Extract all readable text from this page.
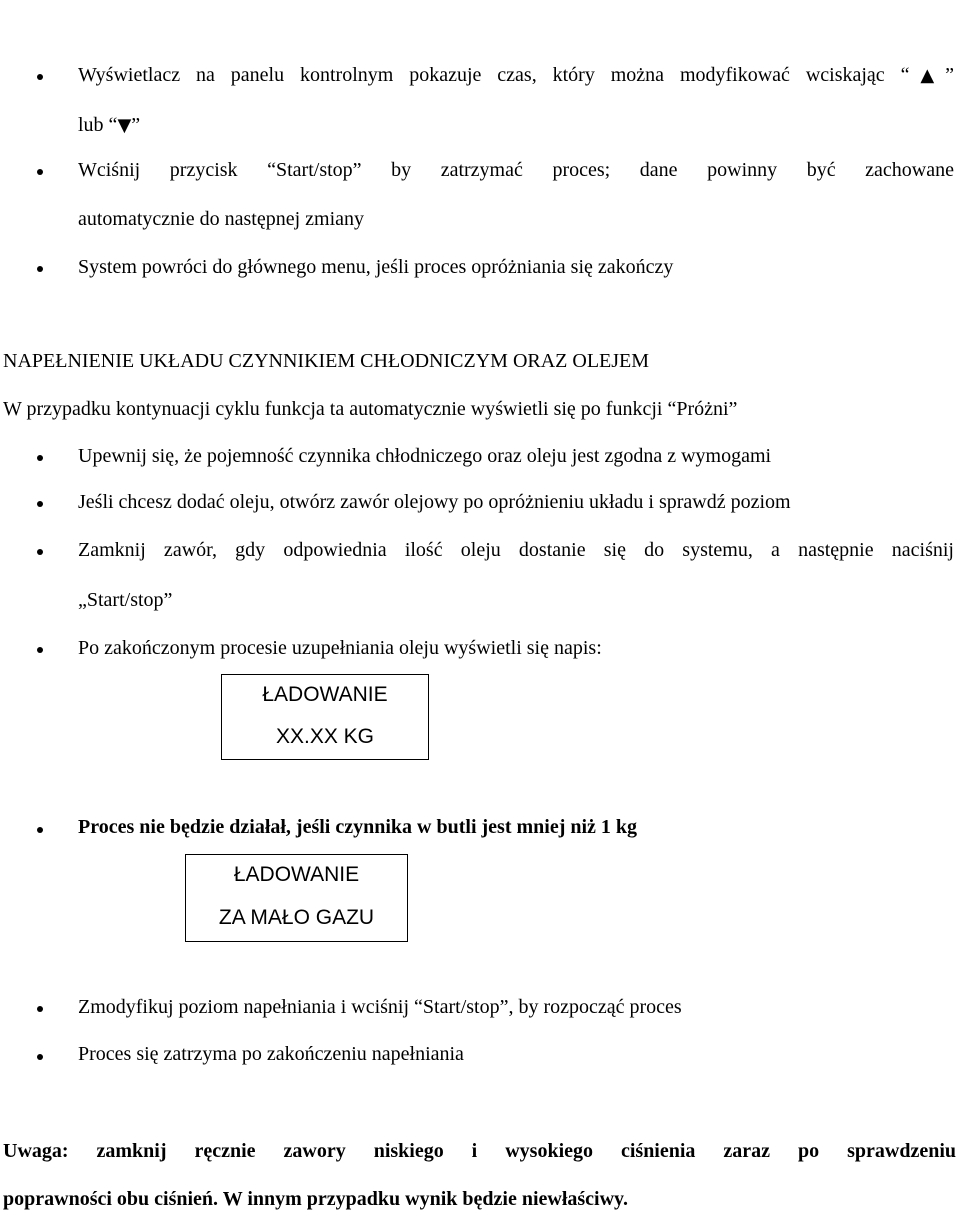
Wyświetlacz na panelu kontrolnym pokazuje czas, który można modyfikować wciskając “▲”
lub “▼”
Wciśnij przycisk “Start/stop” by zatrzymać proces; dane powinny być zachowane
automatycznie do następnej zmiany
System powróci do głównego menu, jeśli proces opróżniania się zakończy
NAPEŁNIENIE UKŁADU CZYNNIKIEM CHŁODNICZYM ORAZ OLEJEM
W przypadku kontynuacji cyklu funkcja ta automatycznie wyświetli się po funkcji “Próżni”
Upewnij się, że pojemność czynnika chłodniczego oraz oleju jest zgodna z wymogami
Jeśli chcesz dodać oleju, otwórz zawór olejowy po opróżnieniu układu i sprawdź poziom
Zamknij zawór, gdy odpowiednia ilość oleju dostanie się do systemu, a następnie naciśnij
„Start/stop”
Po zakończonym procesie uzupełniania oleju wyświetli się napis:
ŁADOWANIE
XX.XX KG
Proces nie będzie działał, jeśli czynnika w butli jest mniej niż 1 kg
ŁADOWANIE
ZA MAŁO GAZU
Zmodyfikuj poziom napełniania i wciśnij “Start/stop”, by rozpocząć proces
Proces się zatrzyma po zakończeniu napełniania
Uwaga: zamknij ręcznie zawory niskiego i wysokiego ciśnienia zaraz po sprawdzeniu
poprawności obu ciśnień. W innym przypadku wynik będzie niewłaściwy.
